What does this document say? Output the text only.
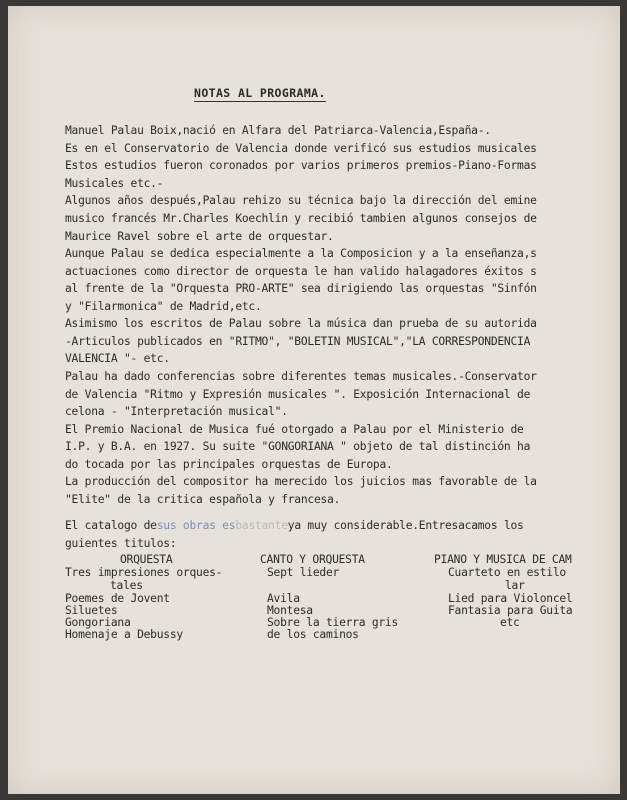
NOTAS AL PROGRAMA.
Manuel Palau Boix,nació en Alfara del Patriarca-Valencia,España-.
Es en el Conservatorio de Valencia donde verificó sus estudios musicales
Estos estudios fueron coronados por varios primeros premios-Piano-Formas
Musicales etc.-
Algunos años después,Palau rehizo su técnica bajo la dirección del emine
musico francés Mr.Charles Koechlin y recibió tambien algunos consejos de
Maurice Ravel sobre el arte de orquestar.
Aunque Palau se dedica especialmente a la Composicion y a la enseñanza,s
actuaciones como director de orquesta le han valido halagadores éxitos s
al frente de la "Orquesta PRO-ARTE" sea dirigiendo las orquestas "Sinfón
y "Filarmonica" de Madrid,etc.
Asimismo los escritos de Palau sobre la música dan prueba de su autorida
-Articulos publicados en "RITMO", "BOLETIN MUSICAL","LA CORRESPONDENCIA
VALENCIA "- etc.
Palau ha dado conferencias sobre diferentes temas musicales.-Conservator
de Valencia "Ritmo y Expresión musicales ". Exposición Internacional de
celona - "Interpretación musical".
El Premio Nacional de Musica fué otorgado a Palau por el Ministerio de
I.P. y B.A. en 1927. Su suite "GONGORIANA " objeto de tal distinción ha
do tocada por las principales orquestas de Europa.
La producción del compositor ha merecido los juicios mas favorable de la
"Elite" de la critica española y francesa.
El catalogo desus obras esbastanteya muy considerable.Entresacamos los
guientes titulos:
ORQUESTA
Tres impresiones orques-
tales
Poemes de Jovent
Siluetes
Gongoriana
Homenaje a Debussy
CANTO Y ORQUESTA
Sept lieder
Avila
Montesa
Sobre la tierra gris
de los caminos
PIANO Y MUSICA DE CAM
Cuarteto en estilo
lar
Lied para Violoncel
Fantasia para Guita
etc
